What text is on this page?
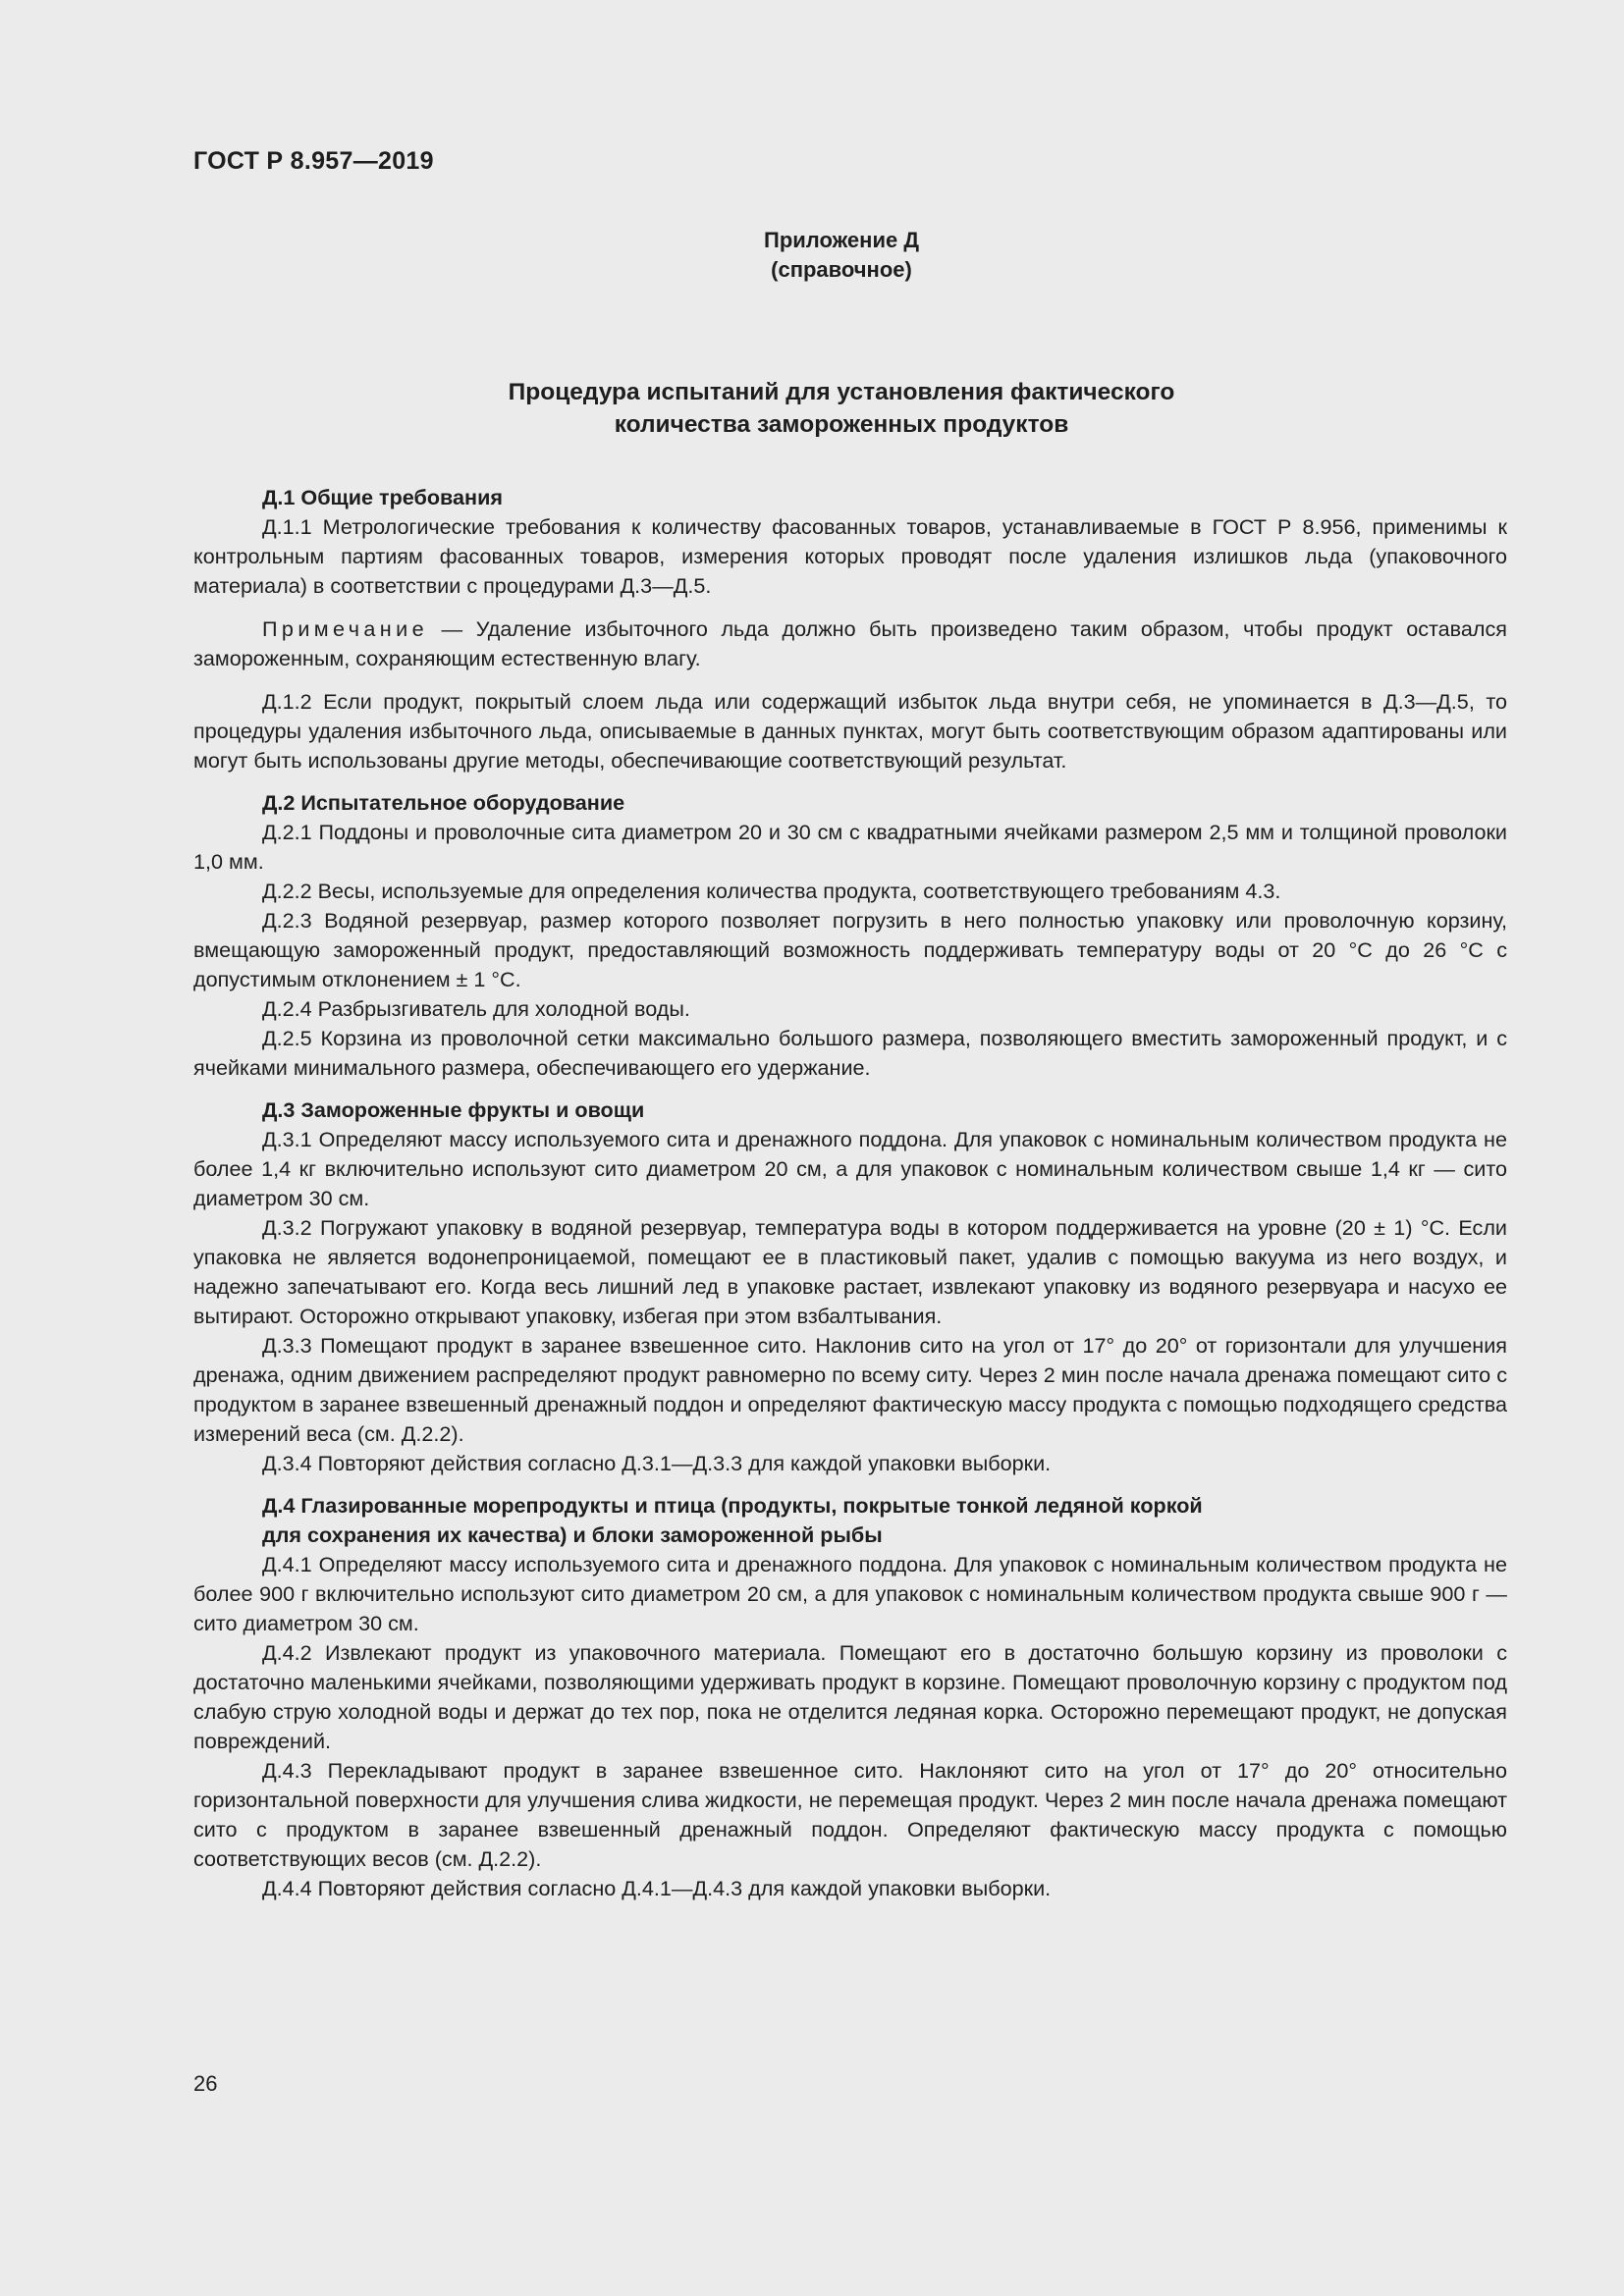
ГОСТ Р 8.957—2019
Приложение Д
(справочное)
Процедура испытаний для установления фактического
количества замороженных продуктов
Д.1 Общие требования

Д.1.1 Метрологические требования к количеству фасованных товаров, устанавливаемые в ГОСТ Р 8.956, применимы к контрольным партиям фасованных товаров, измерения которых проводят после удаления излишков льда (упаковочного материала) в соответствии с процедурами Д.3—Д.5.

Примечание — Удаление избыточного льда должно быть произведено таким образом, чтобы продукт оставался замороженным, сохраняющим естественную влагу.

Д.1.2 Если продукт, покрытый слоем льда или содержащий избыток льда внутри себя, не упоминается в Д.3—Д.5, то процедуры удаления избыточного льда, описываемые в данных пунктах, могут быть соответствующим образом адаптированы или могут быть использованы другие методы, обеспечивающие соответствующий результат.

Д.2 Испытательное оборудование

Д.2.1 Поддоны и проволочные сита диаметром 20 и 30 см с квадратными ячейками размером 2,5 мм и толщиной проволоки 1,0 мм.

Д.2.2 Весы, используемые для определения количества продукта, соответствующего требованиям 4.3.

Д.2.3 Водяной резервуар, размер которого позволяет погрузить в него полностью упаковку или проволочную корзину, вмещающую замороженный продукт, предоставляющий возможность поддерживать температуру воды от 20 °C до 26 °C с допустимым отклонением ± 1 °C.

Д.2.4 Разбрызгиватель для холодной воды.

Д.2.5 Корзина из проволочной сетки максимально большого размера, позволяющего вместить замороженный продукт, и с ячейками минимального размера, обеспечивающего его удержание.

Д.3 Замороженные фрукты и овощи

Д.3.1 Определяют массу используемого сита и дренажного поддона. Для упаковок с номинальным количеством продукта не более 1,4 кг включительно используют сито диаметром 20 см, а для упаковок с номинальным количеством свыше 1,4 кг — сито диаметром 30 см.

Д.3.2 Погружают упаковку в водяной резервуар, температура воды в котором поддерживается на уровне (20 ± 1) °C. Если упаковка не является водонепроницаемой, помещают ее в пластиковый пакет, удалив с помощью вакуума из него воздух, и надежно запечатывают его. Когда весь лишний лед в упаковке растает, извлекают упаковку из водяного резервуара и насухо ее вытирают. Осторожно открывают упаковку, избегая при этом взбалтывания.

Д.3.3 Помещают продукт в заранее взвешенное сито. Наклонив сито на угол от 17° до 20° от горизонтали для улучшения дренажа, одним движением распределяют продукт равномерно по всему ситу. Через 2 мин после начала дренажа помещают сито с продуктом в заранее взвешенный дренажный поддон и определяют фактическую массу продукта с помощью подходящего средства измерений веса (см. Д.2.2).

Д.3.4 Повторяют действия согласно Д.3.1—Д.3.3 для каждой упаковки выборки.

Д.4 Глазированные морепродукты и птица (продукты, покрытые тонкой ледяной коркой
для сохранения их качества) и блоки замороженной рыбы

Д.4.1 Определяют массу используемого сита и дренажного поддона. Для упаковок с номинальным количеством продукта не более 900 г включительно используют сито диаметром 20 см, а для упаковок с номинальным количеством продукта свыше 900 г — сито диаметром 30 см.

Д.4.2 Извлекают продукт из упаковочного материала. Помещают его в достаточно большую корзину из проволоки с достаточно маленькими ячейками, позволяющими удерживать продукт в корзине. Помещают проволочную корзину с продуктом под слабую струю холодной воды и держат до тех пор, пока не отделится ледяная корка. Осторожно перемещают продукт, не допуская повреждений.

Д.4.3 Перекладывают продукт в заранее взвешенное сито. Наклоняют сито на угол от 17° до 20° относительно горизонтальной поверхности для улучшения слива жидкости, не перемещая продукт. Через 2 мин после начала дренажа помещают сито с продуктом в заранее взвешенный дренажный поддон. Определяют фактическую массу продукта с помощью соответствующих весов (см. Д.2.2).

Д.4.4 Повторяют действия согласно Д.4.1—Д.4.3 для каждой упаковки выборки.

26
